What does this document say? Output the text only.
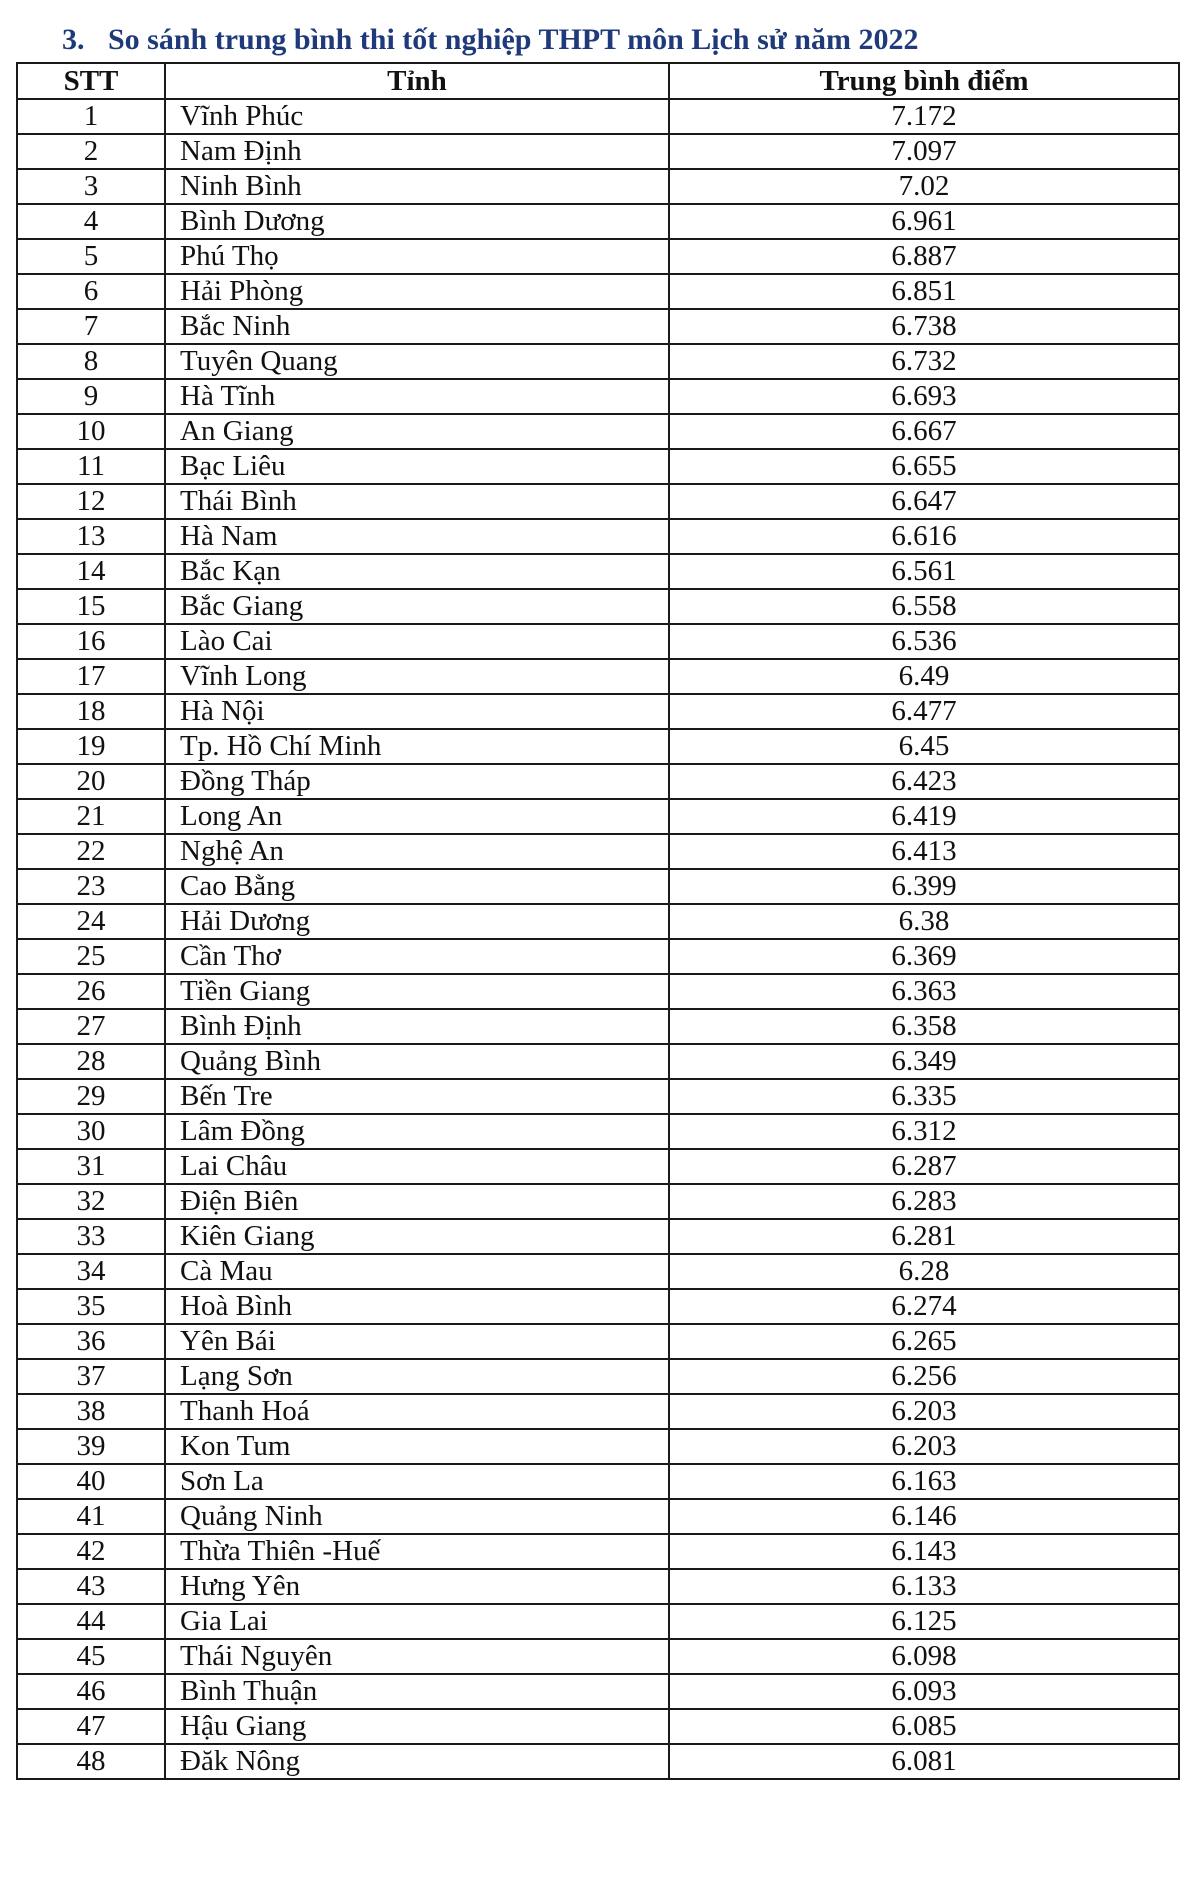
3. So sánh trung bình thi tốt nghiệp THPT môn Lịch sử năm 2022
STT	Tỉnh	Trung bình điểm
1	Vĩnh Phúc	7.172
2	Nam Định	7.097
3	Ninh Bình	7.02
4	Bình Dương	6.961
5	Phú Thọ	6.887
6	Hải Phòng	6.851
7	Bắc Ninh	6.738
8	Tuyên Quang	6.732
9	Hà Tĩnh	6.693
10	An Giang	6.667
11	Bạc Liêu	6.655
12	Thái Bình	6.647
13	Hà Nam	6.616
14	Bắc Kạn	6.561
15	Bắc Giang	6.558
16	Lào Cai	6.536
17	Vĩnh Long	6.49
18	Hà Nội	6.477
19	Tp. Hồ Chí Minh	6.45
20	Đồng Tháp	6.423
21	Long An	6.419
22	Nghệ An	6.413
23	Cao Bằng	6.399
24	Hải Dương	6.38
25	Cần Thơ	6.369
26	Tiền Giang	6.363
27	Bình Định	6.358
28	Quảng Bình	6.349
29	Bến Tre	6.335
30	Lâm Đồng	6.312
31	Lai Châu	6.287
32	Điện Biên	6.283
33	Kiên Giang	6.281
34	Cà Mau	6.28
35	Hoà Bình	6.274
36	Yên Bái	6.265
37	Lạng Sơn	6.256
38	Thanh Hoá	6.203
39	Kon Tum	6.203
40	Sơn La	6.163
41	Quảng Ninh	6.146
42	Thừa Thiên -Huế	6.143
43	Hưng Yên	6.133
44	Gia Lai	6.125
45	Thái Nguyên	6.098
46	Bình Thuận	6.093
47	Hậu Giang	6.085
48	Đăk Nông	6.081
